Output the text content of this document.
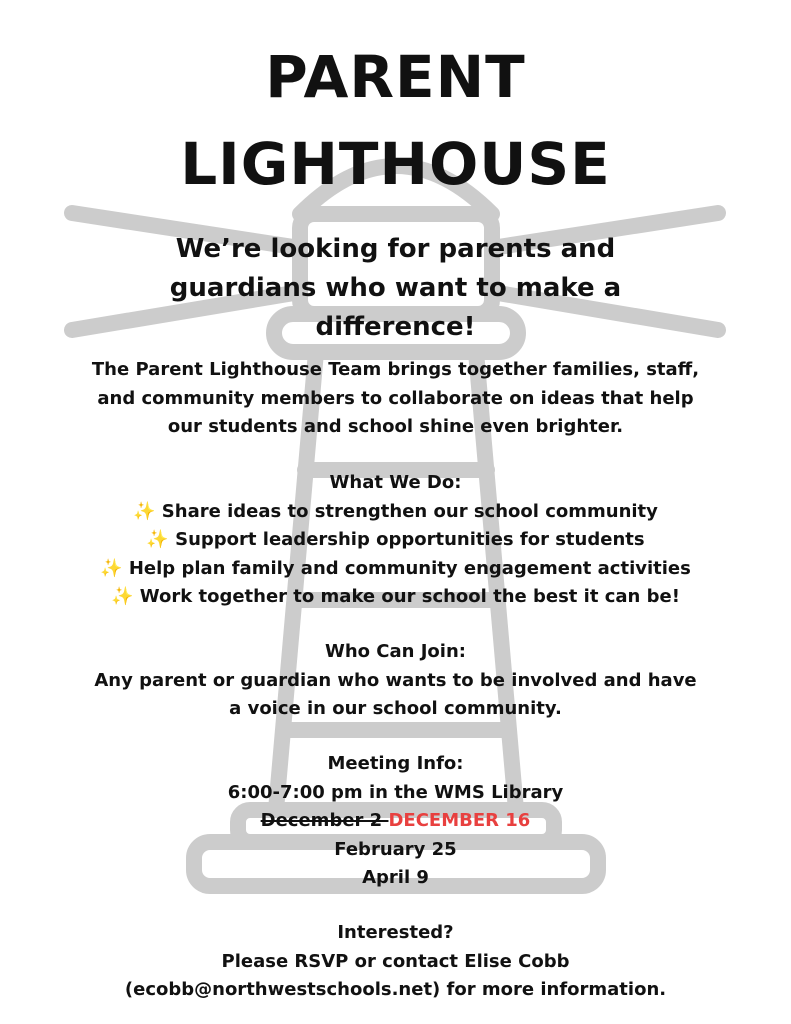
PARENT
LIGHTHOUSE
We’re looking for parents and
guardians who want to make a
difference!
The Parent Lighthouse Team brings together families, staff,
and community members to collaborate on ideas that help
our students and school shine even brighter.
What We Do:
✨ Share ideas to strengthen our school community
✨ Support leadership opportunities for students
✨ Help plan family and community engagement activities
✨ Work together to make our school the best it can be!
Who Can Join:
Any parent or guardian who wants to be involved and have
a voice in our school community.
Meeting Info:
6:00-7:00 pm in the WMS Library
December 2 DECEMBER 16
February 25
April 9
Interested?
Please RSVP or contact Elise Cobb
(ecobb@northwestschools.net) for more information.
